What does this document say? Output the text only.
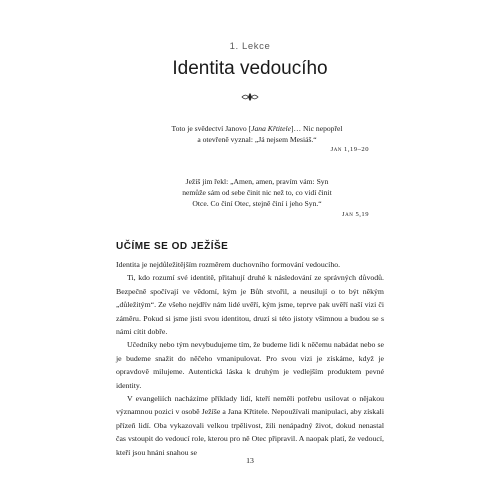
1. Lekce
Identita vedoucího
Toto je svědectví Janovo [Jana Křtitele]… Nic nepopřel
a otevřeně vyznal: „Já nejsem Mesiáš.“
Jan 1,19–20
Ježíš jim řekl: „Amen, amen, pravím vám: Syn
nemůže sám od sebe činit nic než to, co vidí činit
Otce. Co činí Otec, stejně činí i jeho Syn.“
Jan 5,19
UČÍME SE OD JEŽÍŠE

Identita je nejdůležitějším rozměrem duchovního formování vedoucího.

Ti, kdo rozumí své identitě, přitahují druhé k následování ze správných důvodů. Bezpečně spočívají ve vědomí, kým je Bůh stvořil, a neusilují o to být někým „důležitým“. Ze všeho nejdřív nám lidé uvěří, kým jsme, teprve pak uvěří naší vizi či záměru. Pokud si jsme jisti svou identitou, druzí si této jistoty všimnou a budou se s námi cítit dobře.

Učedníky nebo tým nevybudujeme tím, že budeme lidi k něčemu nabádat nebo se je budeme snažit do něčeho vmanipulovat. Pro svou vizi je získáme, když je opravdově milujeme. Autentická láska k druhým je vedlejším produktem pevné identity.

V evangeliích nacházíme příklady lidí, kteří neměli potřebu usilovat o nějakou významnou pozici v osobě Ježíše a Jana Křtitele. Nepoužívali manipulaci, aby získali přízeň lidí. Oba vykazovali velkou trpělivost, žili nenápadný život, dokud nenastal čas vstoupit do vedoucí role, kterou pro ně Otec připravil. A naopak platí, že vedoucí, kteří jsou hnáni snahou se

13
